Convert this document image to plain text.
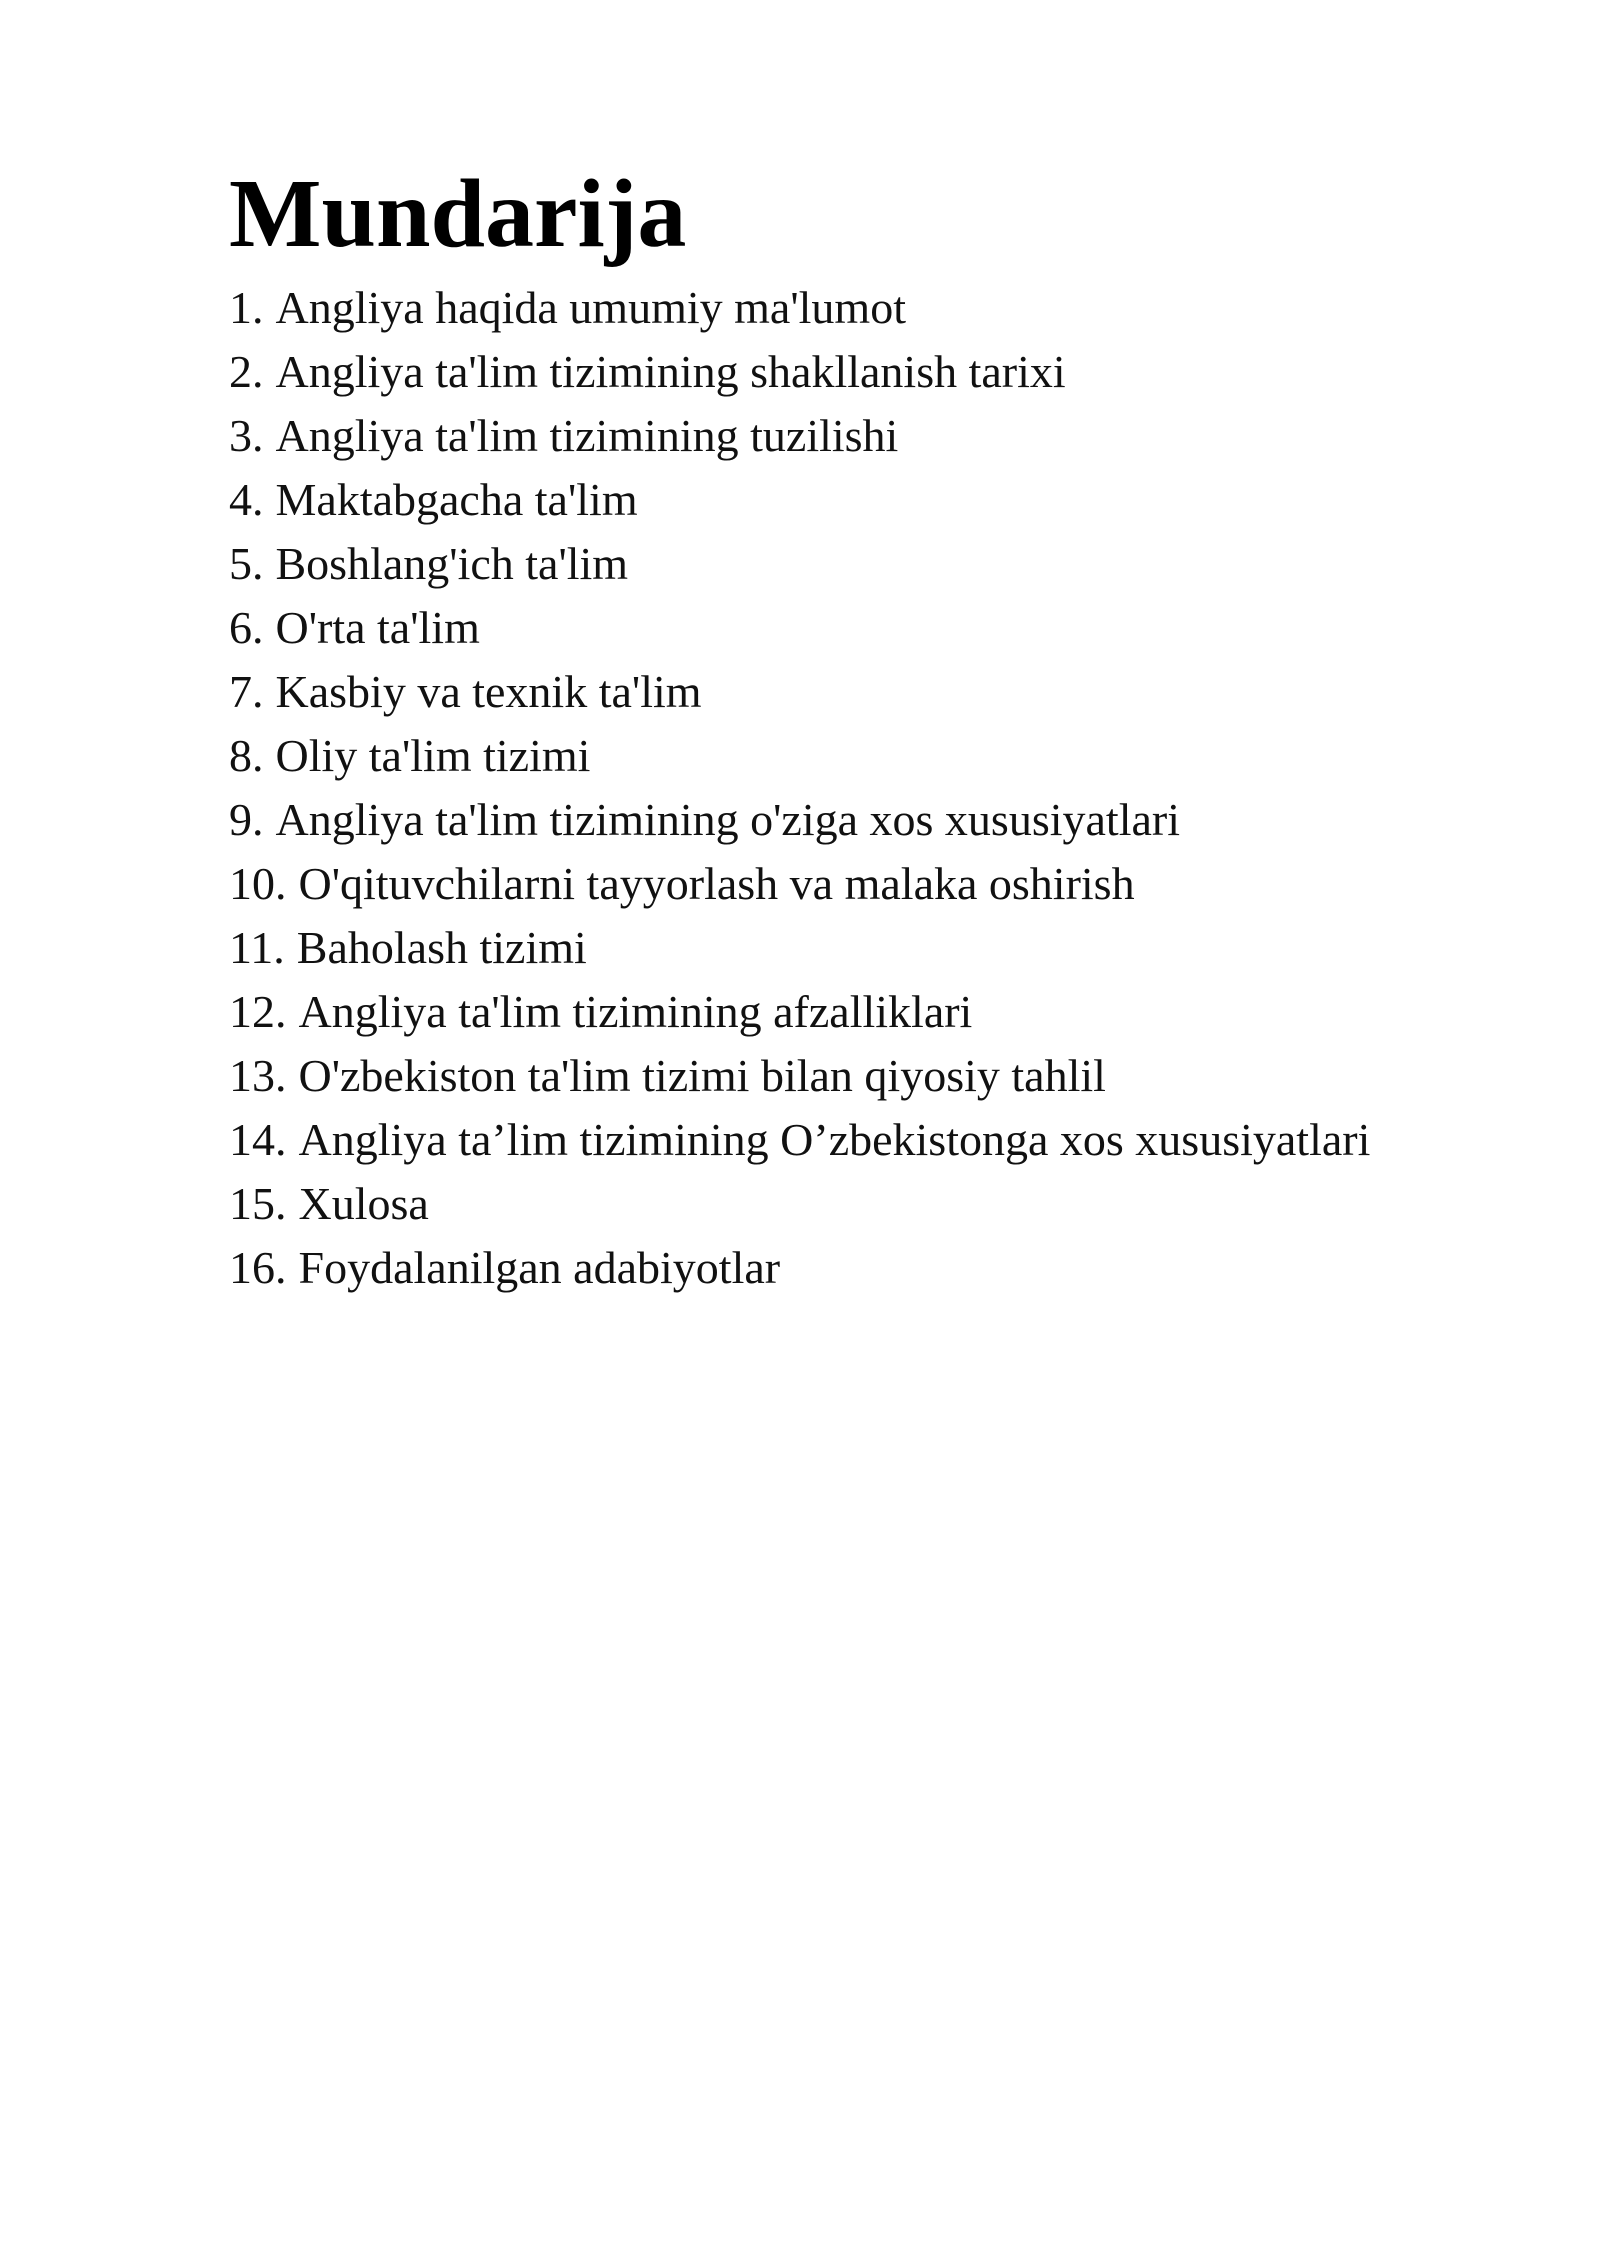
Mundarija
1. Angliya haqida umumiy ma'lumot
2. Angliya ta'lim tizimining shakllanish tarixi
3. Angliya ta'lim tizimining tuzilishi
4. Maktabgacha ta'lim
5. Boshlang'ich ta'lim
6. O'rta ta'lim
7. Kasbiy va texnik ta'lim
8. Oliy ta'lim tizimi
9. Angliya ta'lim tizimining o'ziga xos xususiyatlari
10. O'qituvchilarni tayyorlash va malaka oshirish
11. Baholash tizimi
12. Angliya ta'lim tizimining afzalliklari
13. O'zbekiston ta'lim tizimi bilan qiyosiy tahlil
14. Angliya ta’lim tizimining O’zbekistonga xos xususiyatlari
15. Xulosa
16. Foydalanilgan adabiyotlar
